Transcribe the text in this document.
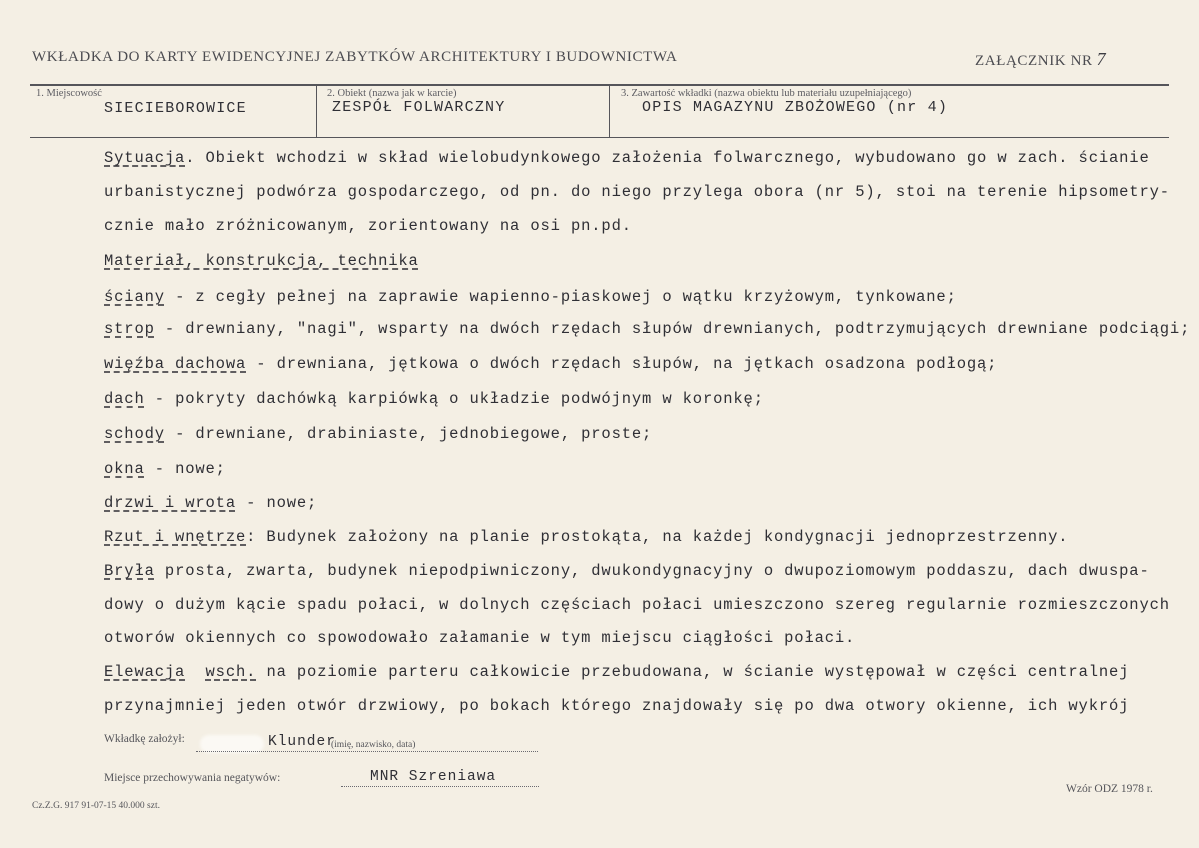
WKŁADKA DO KARTY EWIDENCYJNEJ ZABYTKÓW ARCHITEKTURY I BUDOWNICTWA	ZAŁĄCZNIK NR 7
1. Miejscowość
SIECIEBOROWICE
2. Obiekt (nazwa jak w karcie)
ZESPÓŁ FOLWARCZNY
3. Zawartość wkładki (nazwa obiektu lub materiału uzupełniającego)
OPIS MAGAZYNU ZBOŻOWEGO (nr 4)
Sytuacja. Obiekt wchodzi w skład wielobudynkowego założenia folwarcznego, wybudowano go w zach. ścianie
urbanistycznej podwórza gospodarczego, od pn. do niego przylega obora (nr 5), stoi na terenie hipsometry-
cznie mało zróżnicowanym, zorientowany na osi pn.pd.
Materiał, konstrukcja, technika
ściany - z cegły pełnej na zaprawie wapienno-piaskowej o wątku krzyżowym, tynkowane;
strop - drewniany, "nagi", wsparty na dwóch rzędach słupów drewnianych, podtrzymujących drewniane podciągi;
więźba dachowa - drewniana, jętkowa o dwóch rzędach słupów, na jętkach osadzona podłogą;
dach - pokryty dachówką karpiówką o układzie podwójnym w koronkę;
schody - drewniane, drabiniaste, jednobiegowe, proste;
okna - nowe;
drzwi i wrota - nowe;
Rzut i wnętrze: Budynek założony na planie prostokąta, na każdej kondygnacji jednoprzestrzenny.
Bryła prosta, zwarta, budynek niepodpiwniczony, dwukondygnacyjny o dwupoziomowym poddaszu, dach dwuspa-
dowy o dużym kącie spadu połaci, w dolnych częściach połaci umieszczono szereg regularnie rozmieszczonych
otworów okiennych co spowodowało załamanie w tym miejscu ciągłości połaci.
Elewacja wsch. na poziomie parteru całkowicie przebudowana, w ścianie występował w części centralnej
przynajmniej jeden otwór drzwiowy, po bokach którego znajdowały się po dwa otwory okienne, ich wykrój
Wkładkę założył:	Klunder
(imię, nazwisko, data)
Miejsce przechowywania negatywów:	MNR Szreniawa
Wzór ODZ 1978 r.
Cz.Z.G. 917 91-07-15 40.000 szt.
